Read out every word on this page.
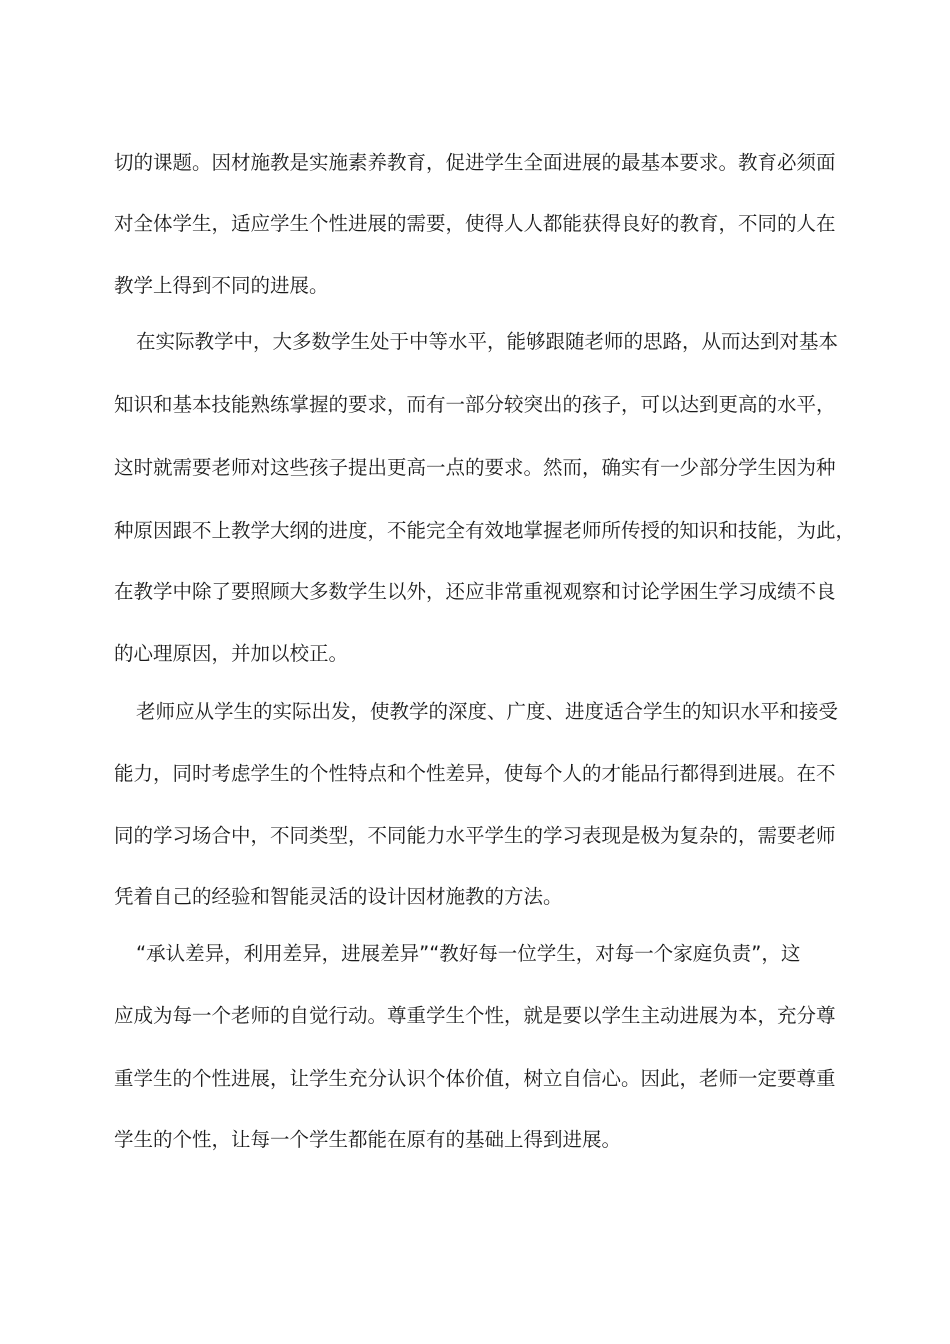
切的课题。因材施教是实施素养教育，促进学生全面进展的最基本要求。教育必须面

对全体学生，适应学生个性进展的需要，使得人人都能获得良好的教育，不同的人在

教学上得到不同的进展。

在实际教学中，大多数学生处于中等水平，能够跟随老师的思路，从而达到对基本

知识和基本技能熟练掌握的要求，而有一部分较突出的孩子，可以达到更高的水平，

这时就需要老师对这些孩子提出更高一点的要求。然而，确实有一少部分学生因为种

种原因跟不上教学大纲的进度，不能完全有效地掌握老师所传授的知识和技能，为此，

在教学中除了要照顾大多数学生以外，还应非常重视观察和讨论学困生学习成绩不良

的心理原因，并加以校正。

老师应从学生的实际出发，使教学的深度、广度、进度适合学生的知识水平和接受

能力，同时考虑学生的个性特点和个性差异，使每个人的才能品行都得到进展。在不

同的学习场合中，不同类型，不同能力水平学生的学习表现是极为复杂的，需要老师

凭着自己的经验和智能灵活的设计因材施教的方法。

“承认差异，利用差异，进展差异”“教好每一位学生，对每一个家庭负责”，这

应成为每一个老师的自觉行动。尊重学生个性，就是要以学生主动进展为本，充分尊

重学生的个性进展，让学生充分认识个体价值，树立自信心。因此，老师一定要尊重

学生的个性，让每一个学生都能在原有的基础上得到进展。
